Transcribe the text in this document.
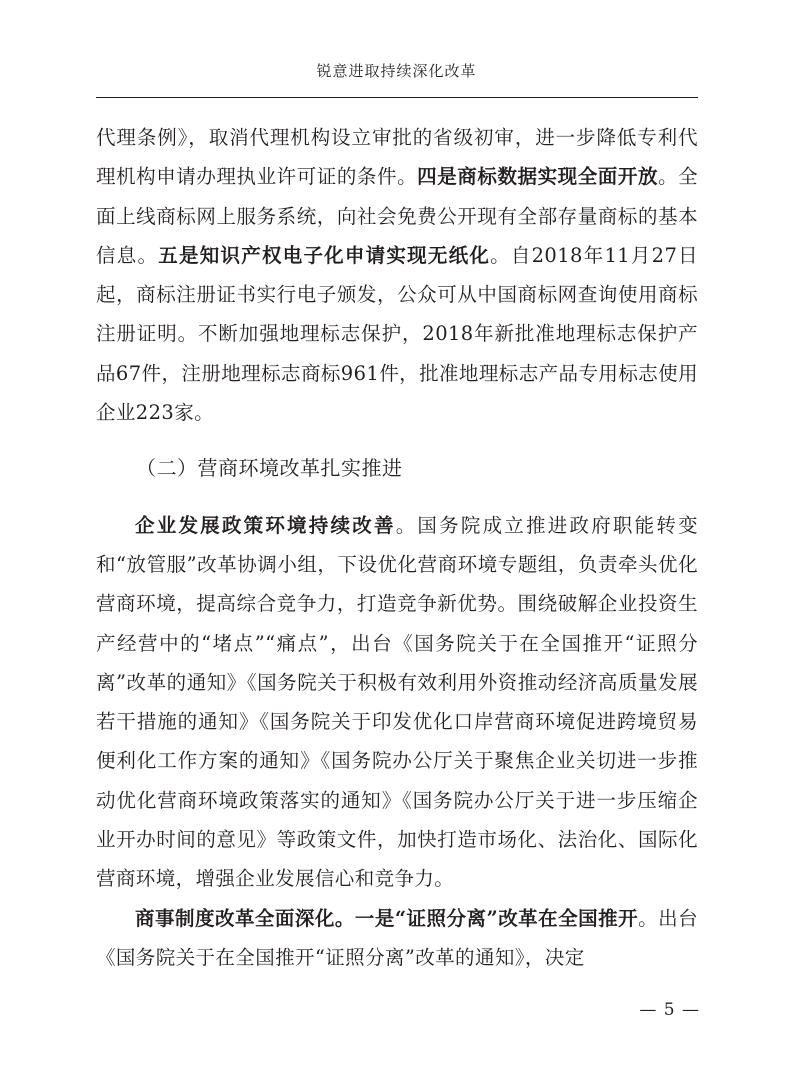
锐意进取持续深化改革

代理条例》，取消代理机构设立审批的省级初审，进一步降低专利代理机构申请办理执业许可证的条件。四是商标数据实现全面开放。全面上线商标网上服务系统，向社会免费公开现有全部存量商标的基本信息。五是知识产权电子化申请实现无纸化。自2018年11月27日起，商标注册证书实行电子颁发，公众可从中国商标网查询使用商标注册证明。不断加强地理标志保护，2018年新批准地理标志保护产品67件，注册地理标志商标961件，批准地理标志产品专用标志使用企业223家。

（二）营商环境改革扎实推进

企业发展政策环境持续改善。国务院成立推进政府职能转变和“放管服”改革协调小组，下设优化营商环境专题组，负责牵头优化营商环境，提高综合竞争力，打造竞争新优势。围绕破解企业投资生产经营中的“堵点”“痛点”，出台《国务院关于在全国推开“证照分离”改革的通知》《国务院关于积极有效利用外资推动经济高质量发展若干措施的通知》《国务院关于印发优化口岸营商环境促进跨境贸易便利化工作方案的通知》《国务院办公厅关于聚焦企业关切进一步推动优化营商环境政策落实的通知》《国务院办公厅关于进一步压缩企业开办时间的意见》等政策文件，加快打造市场化、法治化、国际化营商环境，增强企业发展信心和竞争力。

商事制度改革全面深化。一是“证照分离”改革在全国推开。出台《国务院关于在全国推开“证照分离”改革的通知》，决定

— 5 —
